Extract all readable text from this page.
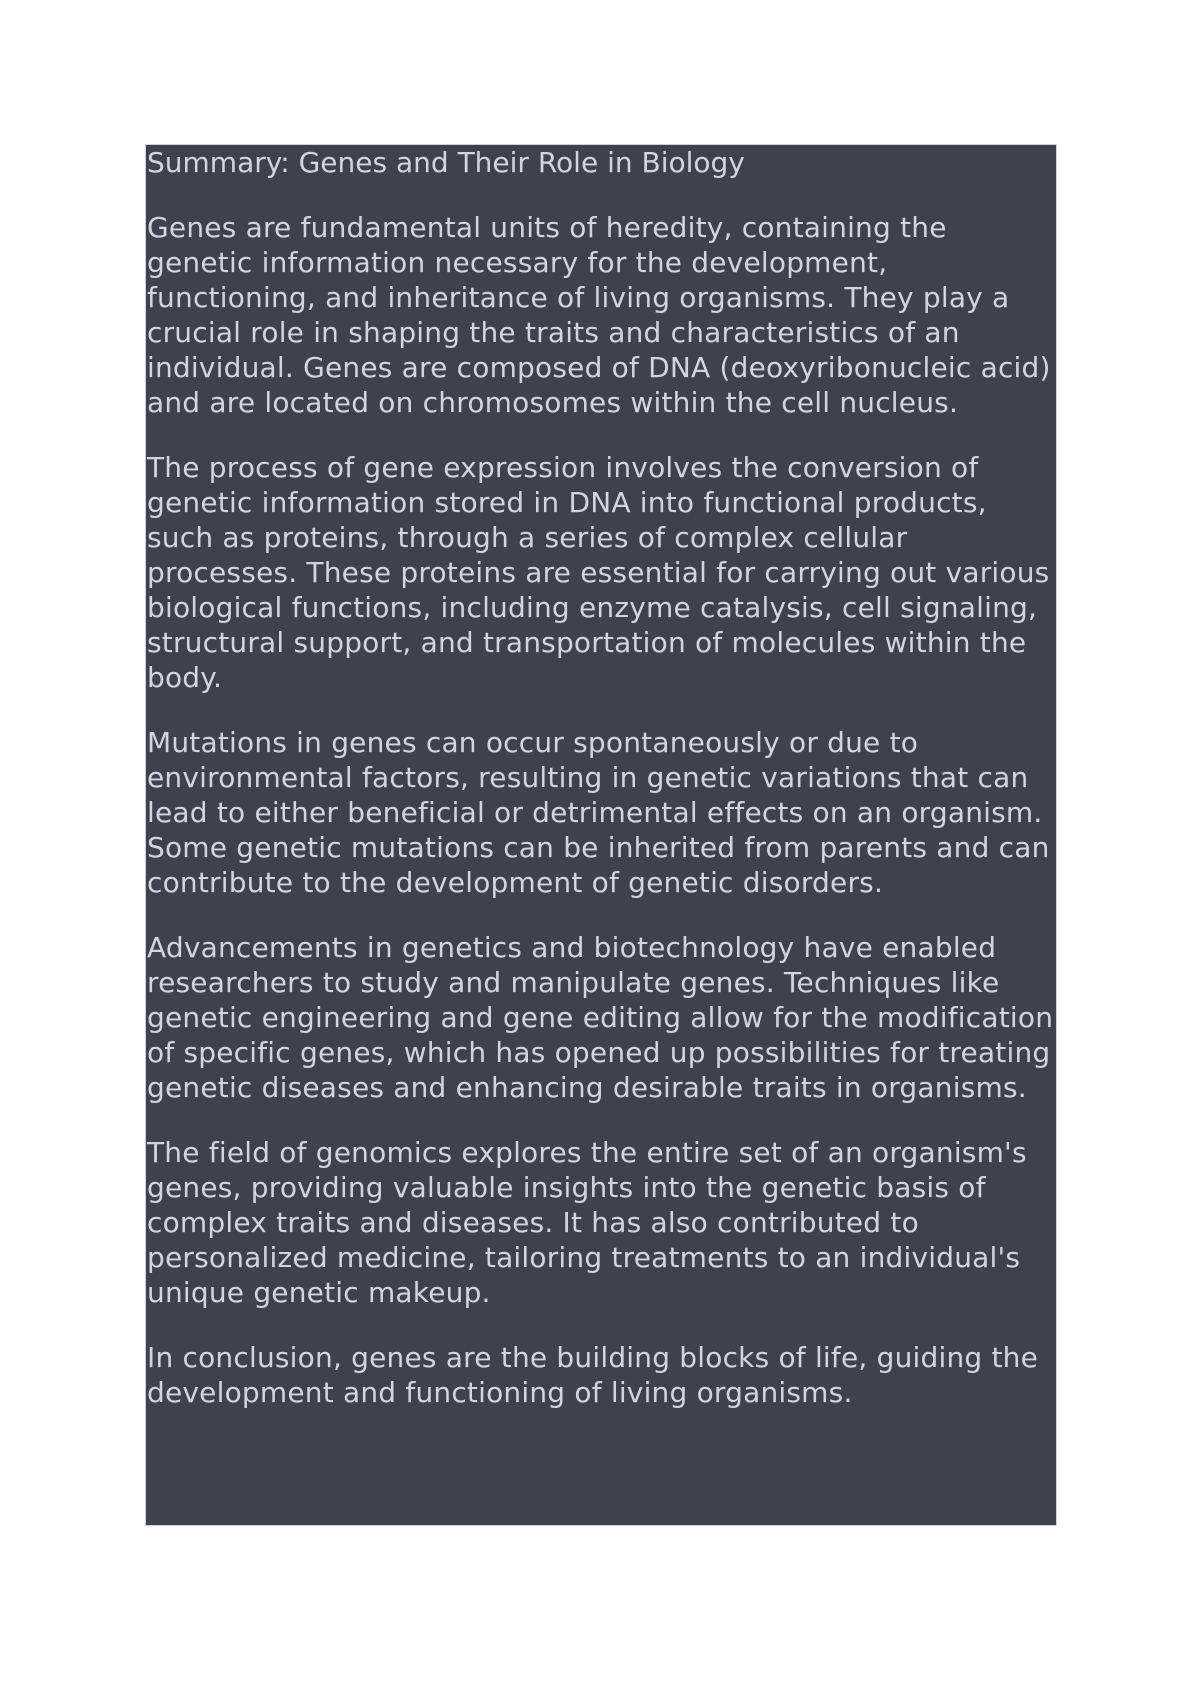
Summary: Genes and Their Role in Biology

Genes are fundamental units of heredity, containing the genetic information necessary for the development, functioning, and inheritance of living organisms. They play a crucial role in shaping the traits and characteristics of an individual. Genes are composed of DNA (deoxyribonucleic acid) and are located on chromosomes within the cell nucleus.

The process of gene expression involves the conversion of genetic information stored in DNA into functional products, such as proteins, through a series of complex cellular processes. These proteins are essential for carrying out various biological functions, including enzyme catalysis, cell signaling, structural support, and transportation of molecules within the body.

Mutations in genes can occur spontaneously or due to environmental factors, resulting in genetic variations that can lead to either beneficial or detrimental effects on an organism. Some genetic mutations can be inherited from parents and can contribute to the development of genetic disorders.

Advancements in genetics and biotechnology have enabled researchers to study and manipulate genes. Techniques like genetic engineering and gene editing allow for the modification of specific genes, which has opened up possibilities for treating genetic diseases and enhancing desirable traits in organisms.

The field of genomics explores the entire set of an organism's genes, providing valuable insights into the genetic basis of complex traits and diseases. It has also contributed to personalized medicine, tailoring treatments to an individual's unique genetic makeup.

In conclusion, genes are the building blocks of life, guiding the development and functioning of living organisms.
